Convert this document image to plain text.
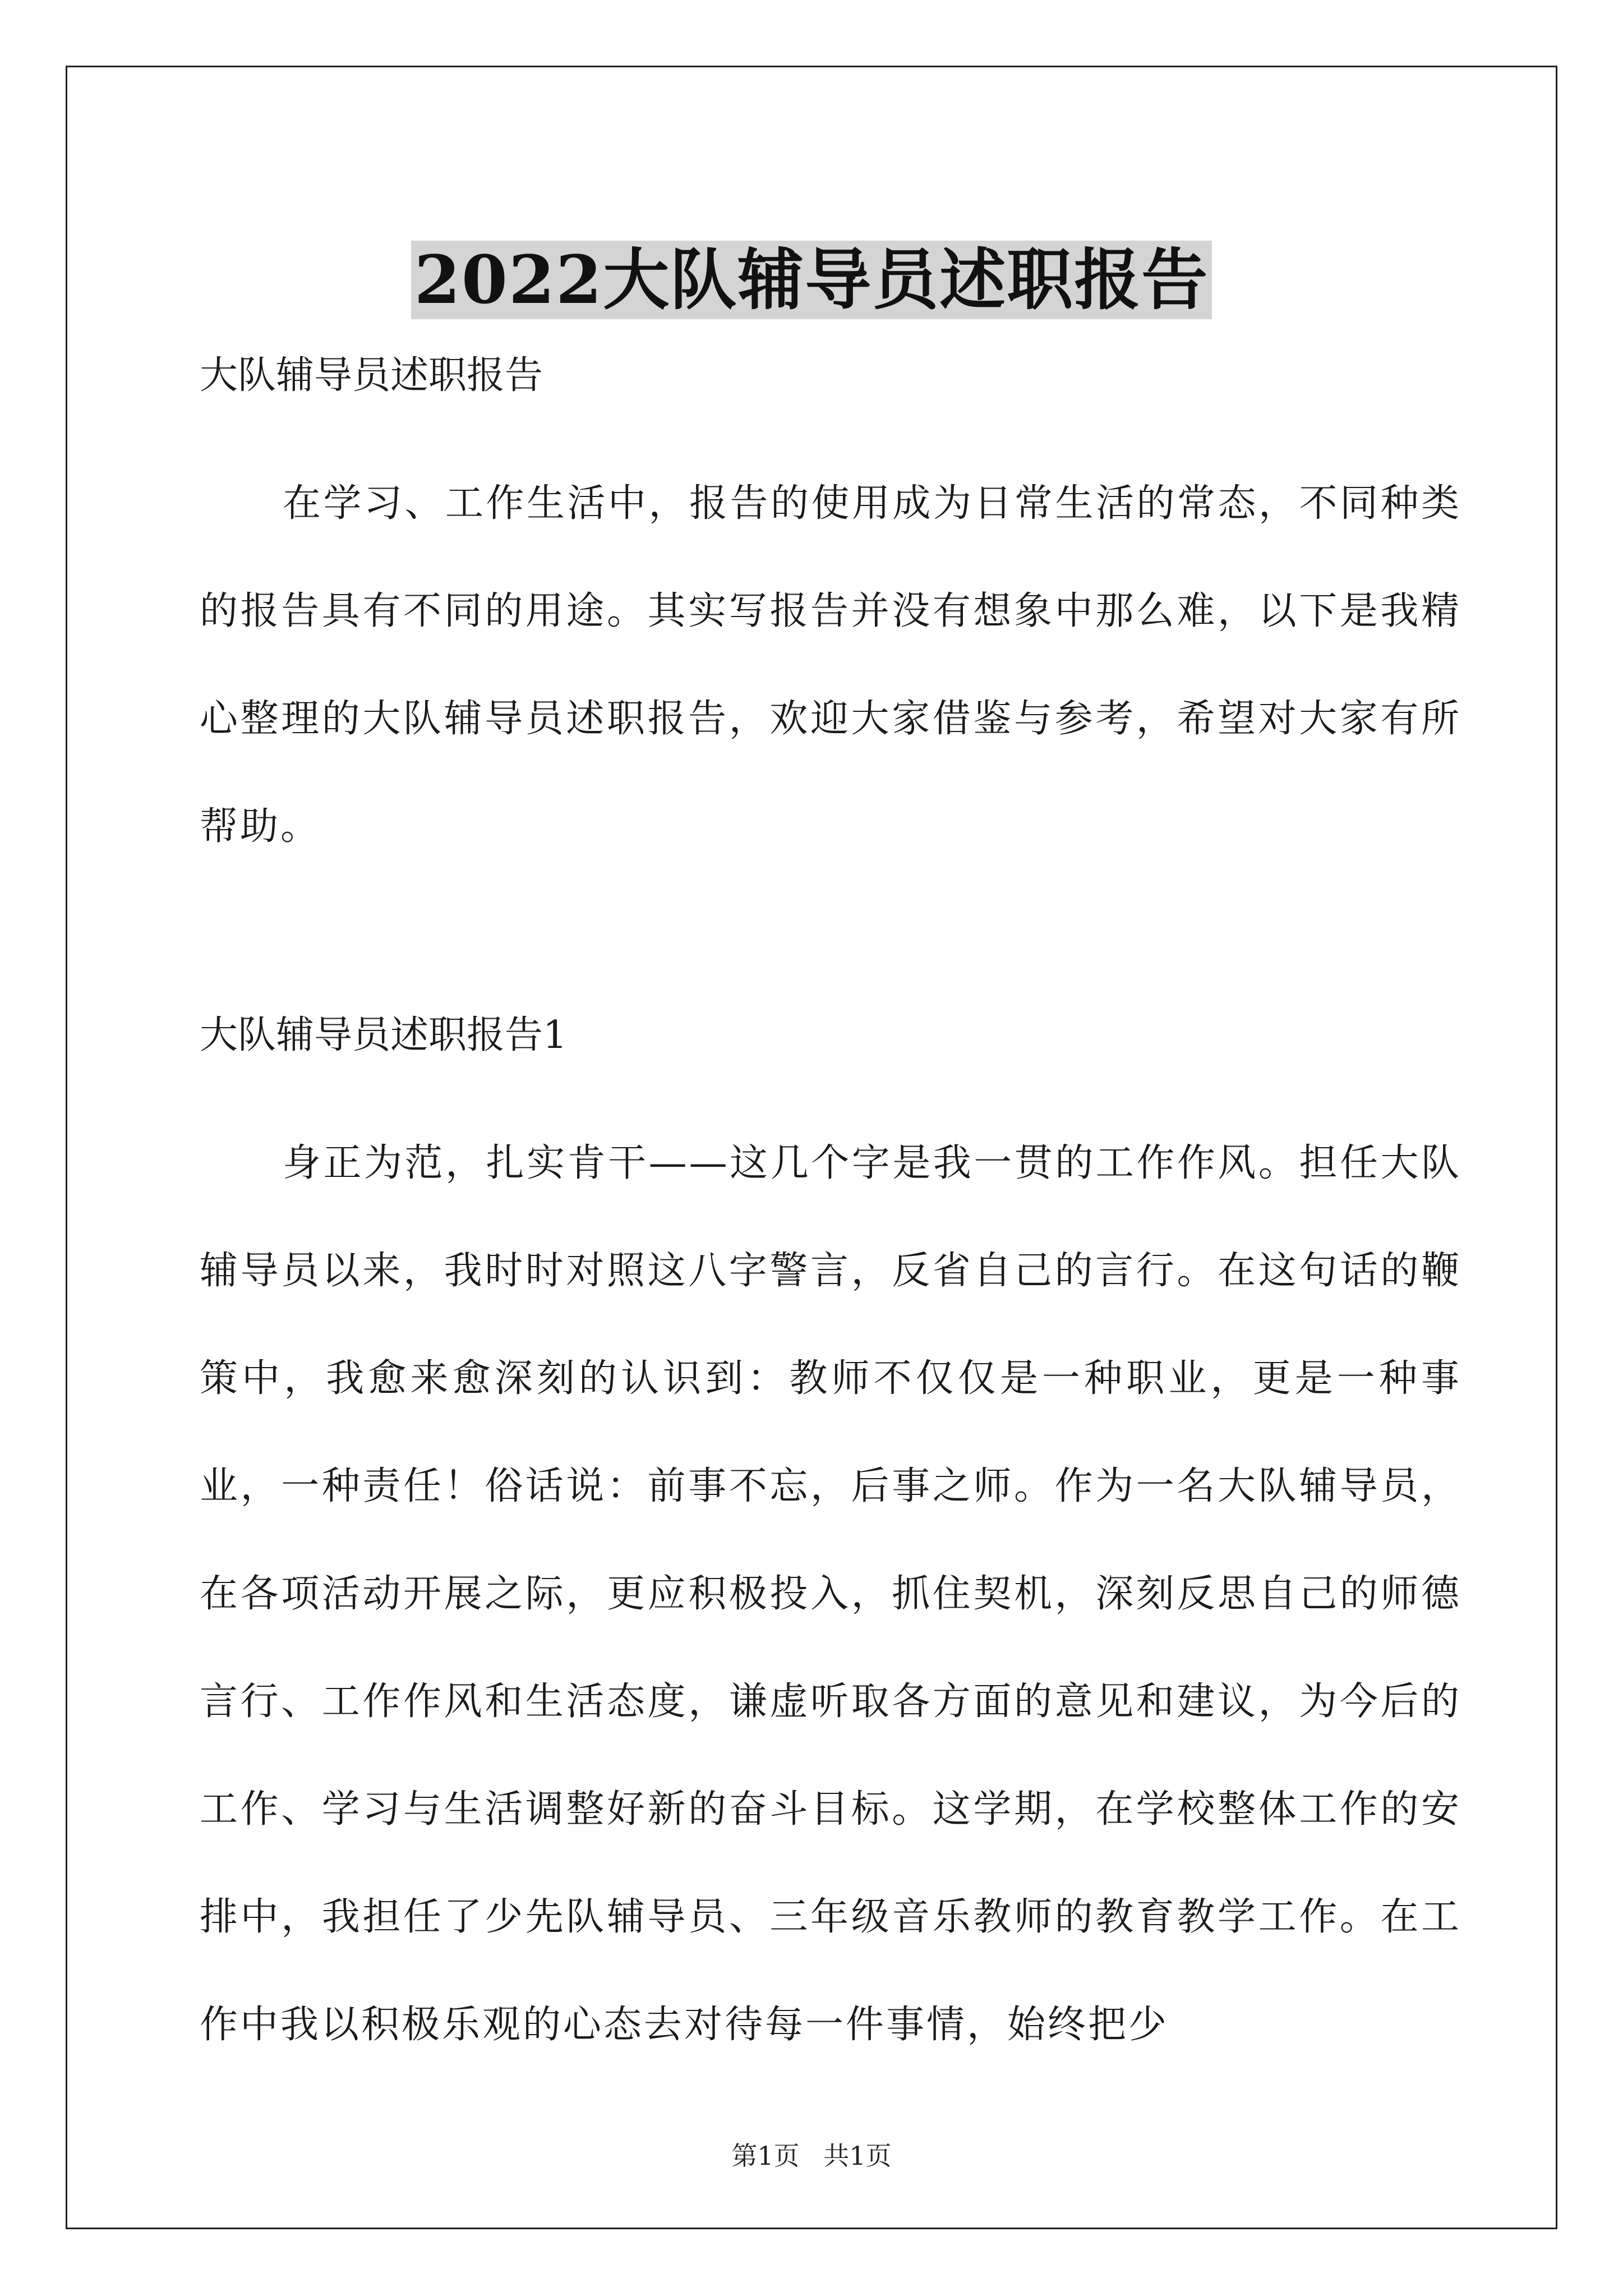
2022大队辅导员述职报告
大队辅导员述职报告

在学习、工作生活中，报告的使用成为日常生活的常态，不同种类的报告具有不同的用途。其实写报告并没有想象中那么难，以下是我精心整理的大队辅导员述职报告，欢迎大家借鉴与参考，希望对大家有所帮助。

大队辅导员述职报告1

身正为范，扎实肯干——这几个字是我一贯的工作作风。担任大队辅导员以来，我时时对照这八字警言，反省自己的言行。在这句话的鞭策中，我愈来愈深刻的认识到：教师不仅仅是一种职业，更是一种事业，一种责任！俗话说：前事不忘，后事之师。作为一名大队辅导员，在各项活动开展之际，更应积极投入，抓住契机，深刻反思自己的师德言行、工作作风和生活态度，谦虚听取各方面的意见和建议，为今后的工作、学习与生活调整好新的奋斗目标。这学期，在学校整体工作的安排中，我担任了少先队辅导员、三年级音乐教师的教育教学工作。在工作中我以积极乐观的心态去对待每一件事情，始终把少

第1页 共1页
